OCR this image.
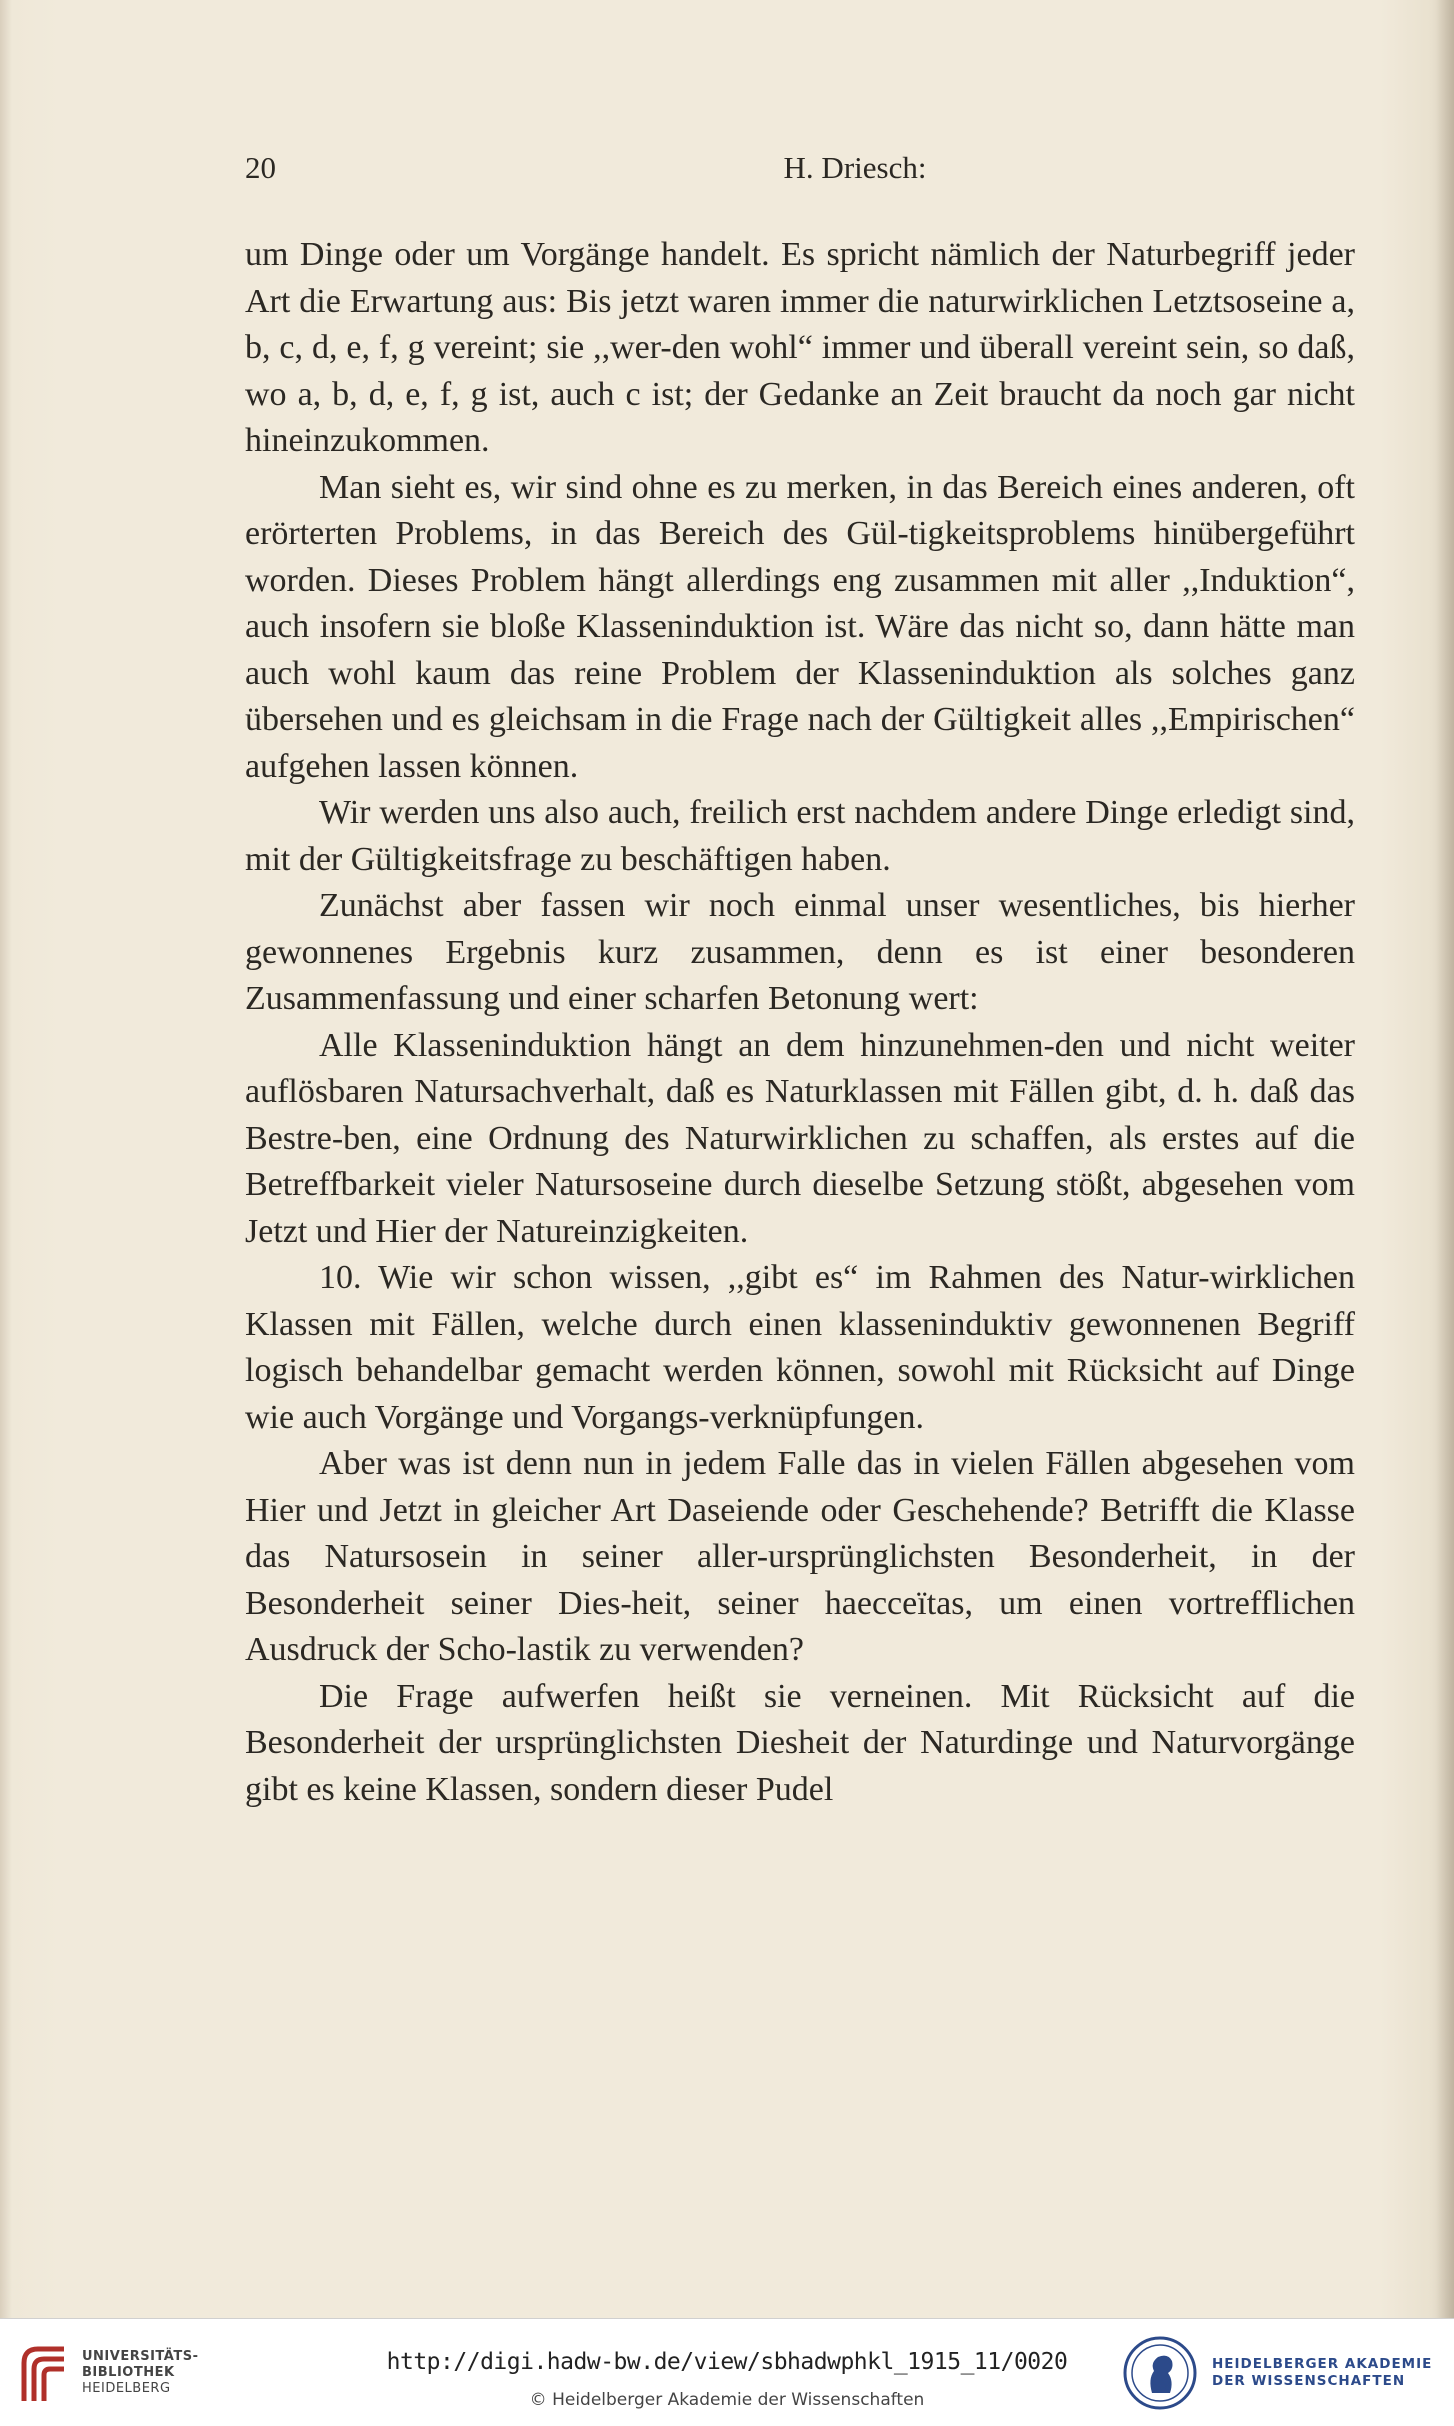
20	H. Driesch:

um Dinge oder um Vorgänge handelt. Es spricht nämlich der Naturbegriff jeder Art die Erwartung aus: Bis jetzt waren immer die naturwirklichen Letztsoseine a, b, c, d, e, f, g vereint; sie ,,wer-den wohl“ immer und überall vereint sein, so daß, wo a, b, d, e, f, g ist, auch c ist; der Gedanke an Zeit braucht da noch gar nicht hineinzukommen.

Man sieht es, wir sind ohne es zu merken, in das Bereich eines anderen, oft erörterten Problems, in das Bereich des Gül-tigkeitsproblems hinübergeführt worden. Dieses Problem hängt allerdings eng zusammen mit aller ,,Induktion“, auch insofern sie bloße Klasseninduktion ist. Wäre das nicht so, dann hätte man auch wohl kaum das reine Problem der Klasseninduktion als solches ganz übersehen und es gleichsam in die Frage nach der Gültigkeit alles ,,Empirischen“ aufgehen lassen können.

Wir werden uns also auch, freilich erst nachdem andere Dinge erledigt sind, mit der Gültigkeitsfrage zu beschäftigen haben.

Zunächst aber fassen wir noch einmal unser wesentliches, bis hierher gewonnenes Ergebnis kurz zusammen, denn es ist einer besonderen Zusammenfassung und einer scharfen Betonung wert:

Alle Klasseninduktion hängt an dem hinzunehmen-den und nicht weiter auflösbaren Natursachverhalt, daß es Naturklassen mit Fällen gibt, d. h. daß das Bestre-ben, eine Ordnung des Naturwirklichen zu schaffen, als erstes auf die Betreffbarkeit vieler Natursoseine durch dieselbe Setzung stößt, abgesehen vom Jetzt und Hier der Natureinzigkeiten.

10. Wie wir schon wissen, ,,gibt es“ im Rahmen des Natur-wirklichen Klassen mit Fällen, welche durch einen klasseninduktiv gewonnenen Begriff logisch behandelbar gemacht werden können, sowohl mit Rücksicht auf Dinge wie auch Vorgänge und Vorgangs-verknüpfungen.

Aber was ist denn nun in jedem Falle das in vielen Fällen abgesehen vom Hier und Jetzt in gleicher Art Daseiende oder Geschehende? Betrifft die Klasse das Natursosein in seiner aller-ursprünglichsten Besonderheit, in der Besonderheit seiner Dies-heit, seiner haecceïtas, um einen vortrefflichen Ausdruck der Scho-lastik zu verwenden?

Die Frage aufwerfen heißt sie verneinen. Mit Rücksicht auf die Besonderheit der ursprünglichsten Diesheit der Naturdinge und Naturvorgänge gibt es keine Klassen, sondern dieser Pudel

UNIVERSITÄTS-
BIBLIOTHEK
HEIDELBERG
http://digi.hadw-bw.de/view/sbhadwphkl_1915_11/0020
© Heidelberger Akademie der Wissenschaften
HEIDELBERGER AKADEMIE
DER WISSENSCHAFTEN
